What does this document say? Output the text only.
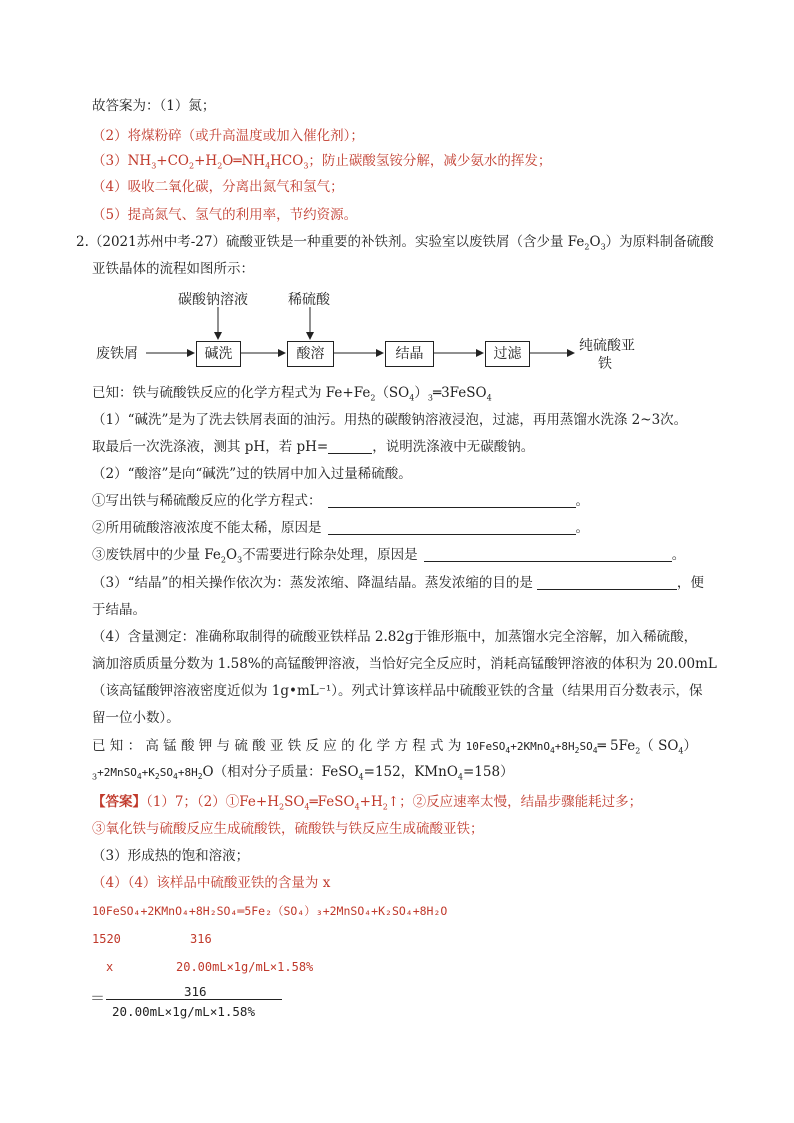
故答案为：（1）氮；
（2）将煤粉碎（或升高温度或加入催化剂）；
$(3)NH_3+CO_2+H_2O═NH_4HCO_3$；防止碳酸氢铵分解，减少氨水的挥发；
（4）吸收二氧化碳，分离出氮气和氢气；
（5）提高氮气、氢气的利用率，节约资源。
2.（2021苏州中考-27）硫酸亚铁是一种重要的补铁剂。实验室以废铁屑（含少量 $Fe_2O_3$）为原料制备硫酸
亚铁晶体的流程如图所示：
废铁屑
碳酸钠溶液	稀硫酸
碱洗	酸溶	结晶	过滤	纯硫酸亚
铁
已知：铁与硫酸铁反应的化学方程式为 $Fe+Fe_2(SO_4)_3═3FeSO_4$
（1）“碱洗”是为了洗去铁屑表面的油污。用热的碳酸钠溶液浸泡，过滤，再用蒸馏水洗涤 2~3次。
取最后一次洗涤液，测其 pH，若 pH=	，说明洗涤液中无碳酸钠。
（2）“酸溶”是向“碱洗”过的铁屑中加入过量稀硫酸。
①写出铁与稀硫酸反应的化学方程式：	。
②所用硫酸溶液浓度不能太稀，原因是	。
③废铁屑中的少量 $Fe_2O_3$不需要进行除杂处理，原因是	。
（3）“结晶”的相关操作依次为：蒸发浓缩、降温结晶。蒸发浓缩的目的是	，便
于结晶。
（4）含量测定：准确称取制得的硫酸亚铁样品 2.82g于锥形瓶中，加蒸馏水完全溶解，加入稀硫酸，
滴加溶质质量分数为 1.58%的高锰酸钾溶液，当恰好完全反应时，消耗高锰酸钾溶液的体积为 20.00mL
（该高锰酸钾溶液密度近似为 1g•mL⁻¹）。列式计算该样品中硫酸亚铁的含量（结果用百分数表示，保
留一位小数）。
已 知 ： 高 锰 酸 钾 与 硫 酸 亚 铁 反 应 的 化 学 方 程 式 为 $10FeSO_4+2KMnO_4+8H_2SO_4═$ $5Fe_2$（ $SO_4$）
$_3+2MnSO_4+K_2SO_4+8H_2O$（相对分子质量：FeSO$_4$=152，KMnO$_4$=158）
【答案】（1）7；$(2)①Fe+H_2SO_4═FeSO_4+H_2↑$；②反应速率太慢，结晶步骤能耗过多；
③氧化铁与硫酸反应生成硫酸铁，硫酸铁与铁反应生成硫酸亚铁；
（3）形成热的饱和溶液；
（4）（4）该样品中硫酸亚铁的含量为 x
10FeSO₄+2KMnO₄+8H₂SO₄═5Fe₂（SO₄）₃+2MnSO₄+K₂SO₄+8H₂O
1520	316
x	20.00mL×1g/mL×1.58%
316
＝
20.00mL×1g/mL×1.58%
